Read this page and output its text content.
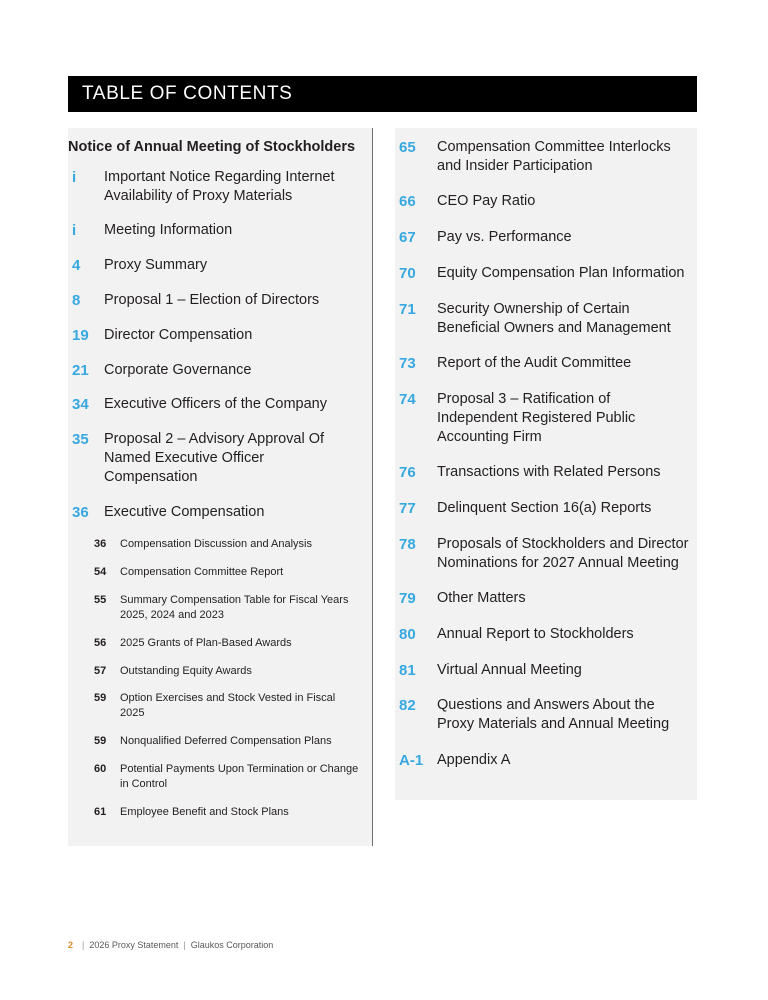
TABLE OF CONTENTS
Notice of Annual Meeting of Stockholders
i	Important Notice Regarding Internet Availability of Proxy Materials
i	Meeting Information
4	Proxy Summary
8	Proposal 1 – Election of Directors
19	Director Compensation
21	Corporate Governance
34	Executive Officers of the Company
35	Proposal 2 – Advisory Approval Of Named Executive Officer Compensation
36	Executive Compensation
36	Compensation Discussion and Analysis
54	Compensation Committee Report
55	Summary Compensation Table for Fiscal Years 2025, 2024 and 2023
56	2025 Grants of Plan-Based Awards
57	Outstanding Equity Awards
59	Option Exercises and Stock Vested in Fiscal 2025
59	Nonqualified Deferred Compensation Plans
60	Potential Payments Upon Termination or Change in Control
61	Employee Benefit and Stock Plans
65	Compensation Committee Interlocks and Insider Participation
66	CEO Pay Ratio
67	Pay vs. Performance
70	Equity Compensation Plan Information
71	Security Ownership of Certain Beneficial Owners and Management
73	Report of the Audit Committee
74	Proposal 3 – Ratification of Independent Registered Public Accounting Firm
76	Transactions with Related Persons
77	Delinquent Section 16(a) Reports
78	Proposals of Stockholders and Director Nominations for 2027 Annual Meeting
79	Other Matters
80	Annual Report to Stockholders
81	Virtual Annual Meeting
82	Questions and Answers About the Proxy Materials and Annual Meeting
A-1 Appendix A
2 | 2026 Proxy Statement | Glaukos Corporation
